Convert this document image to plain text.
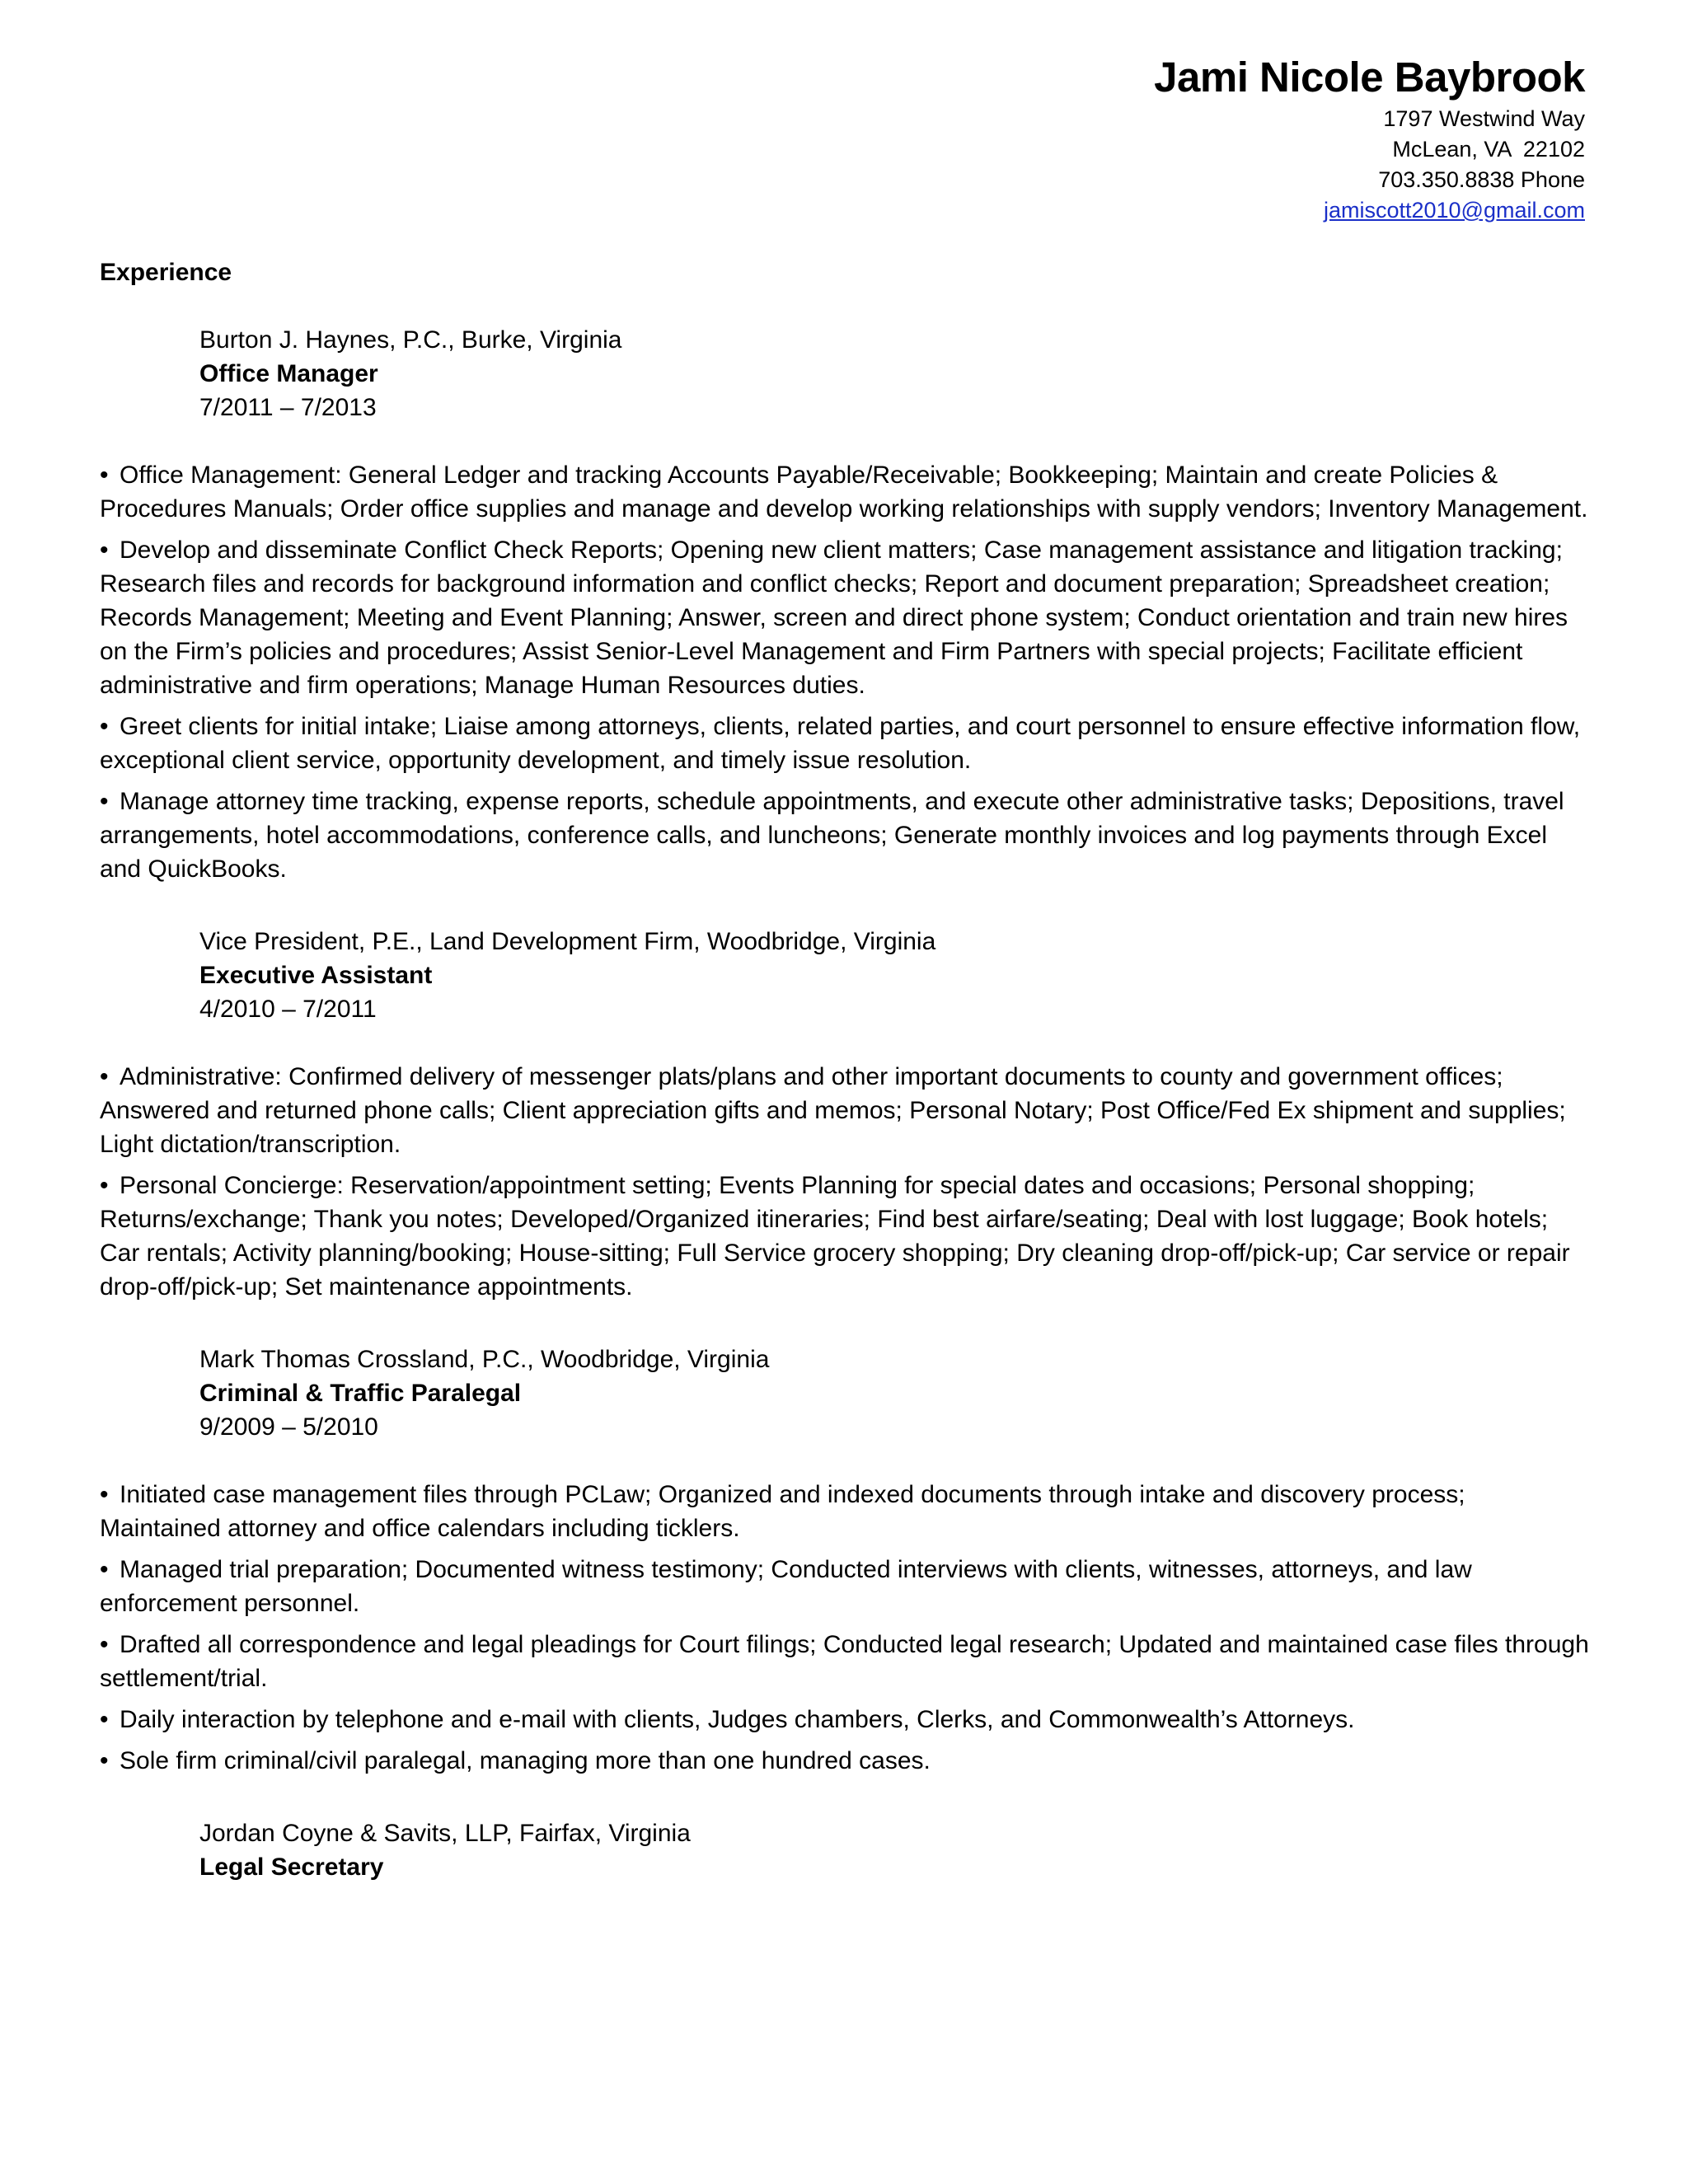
Jami Nicole Baybrook
1797 Westwind Way
McLean, VA  22102
703.350.8838 Phone
jamiscott2010@gmail.com
Experience
Burton J. Haynes, P.C., Burke, Virginia
Office Manager
7/2011 – 7/2013
• Office Management: General Ledger and tracking Accounts Payable/Receivable; Bookkeeping; Maintain and create Policies & Procedures Manuals; Order office supplies and manage and develop working relationships with supply vendors; Inventory Management.
• Develop and disseminate Conflict Check Reports; Opening new client matters; Case management assistance and litigation tracking; Research files and records for background information and conflict checks; Report and document preparation; Spreadsheet creation; Records Management; Meeting and Event Planning; Answer, screen and direct phone system; Conduct orientation and train new hires on the Firm’s policies and procedures; Assist Senior-Level Management and Firm Partners with special projects; Facilitate efficient administrative and firm operations; Manage Human Resources duties.
• Greet clients for initial intake; Liaise among attorneys, clients, related parties, and court personnel to ensure effective information flow, exceptional client service, opportunity development, and timely issue resolution.
• Manage attorney time tracking, expense reports, schedule appointments, and execute other administrative tasks; Depositions, travel arrangements, hotel accommodations, conference calls, and luncheons; Generate monthly invoices and log payments through Excel and QuickBooks.
Vice President, P.E., Land Development Firm, Woodbridge, Virginia
Executive Assistant
4/2010 – 7/2011
• Administrative: Confirmed delivery of messenger plats/plans and other important documents to county and government offices; Answered and returned phone calls; Client appreciation gifts and memos; Personal Notary; Post Office/Fed Ex shipment and supplies; Light dictation/transcription.
• Personal Concierge: Reservation/appointment setting; Events Planning for special dates and occasions; Personal shopping; Returns/exchange; Thank you notes; Developed/Organized itineraries; Find best airfare/seating; Deal with lost luggage; Book hotels; Car rentals; Activity planning/booking; House-sitting; Full Service grocery shopping; Dry cleaning drop-off/pick-up; Car service or repair drop-off/pick-up; Set maintenance appointments.
Mark Thomas Crossland, P.C., Woodbridge, Virginia
Criminal & Traffic Paralegal
9/2009 – 5/2010
• Initiated case management files through PCLaw; Organized and indexed documents through intake and discovery process; Maintained attorney and office calendars including ticklers.
• Managed trial preparation; Documented witness testimony; Conducted interviews with clients, witnesses, attorneys, and law enforcement personnel.
• Drafted all correspondence and legal pleadings for Court filings; Conducted legal research; Updated and maintained case files through settlement/trial.
• Daily interaction by telephone and e-mail with clients, Judges chambers, Clerks, and Commonwealth’s Attorneys.
• Sole firm criminal/civil paralegal, managing more than one hundred cases.
Jordan Coyne & Savits, LLP, Fairfax, Virginia
Legal Secretary
